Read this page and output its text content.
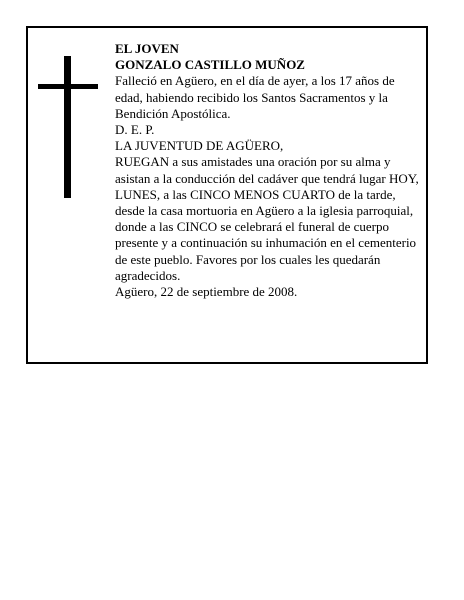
EL JOVEN

GONZALO CASTILLO MUÑOZ

Falleció en Agüero, en el día de ayer, a los 17 años de edad, habiendo recibido los Santos Sacramentos y la Bendición Apostólica.

D. E. P.

LA JUVENTUD DE AGÜERO,

RUEGAN a sus amistades una oración por su alma y asistan a la conducción del cadáver que tendrá lugar HOY, LUNES, a las CINCO MENOS CUARTO de la tarde, desde la casa mortuoria en Agüero a la iglesia parroquial, donde a las CINCO se celebrará el funeral de cuerpo presente y a continuación su inhumación en el cementerio de este pueblo. Favores por los cuales les quedarán agradecidos.

Agüero, 22 de septiembre de 2008.
